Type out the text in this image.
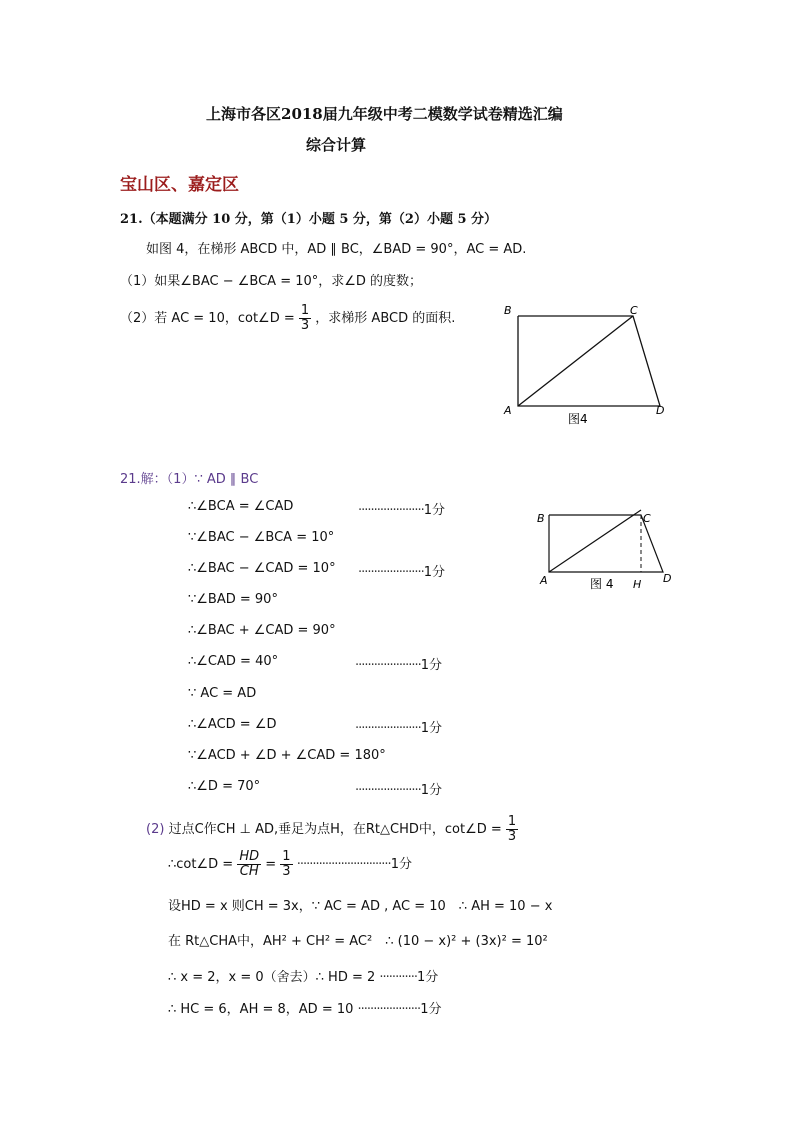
上海市各区2018届九年级中考二模数学试卷精选汇编
综合计算
宝山区、嘉定区
21.（本题满分 10 分，第（1）小题 5 分，第（2）小题 5 分）
如图 4，在梯形 ABCD 中，AD ∥ BC，∠BAD = 90°，AC = AD.
（1）如果∠BAC − ∠BCA = 10°，求∠D 的度数；
（2）若 AC = 10，cot∠D = $\frac{1}{3}$ ，求梯形 ABCD 的面积.
B	C
A	D
图4
21.解：（1）∵ AD ∥ BC
∴∠BCA = ∠CAD	·····················1分
∵∠BAC − ∠BCA = 10°
∴∠BAC − ∠CAD = 10° ·····················1分
∵∠BAD = 90°
∴∠BAC + ∠CAD = 90°
∴∠CAD = 40°	·····················1分
∵ AC = AD
∴∠ACD = ∠D	·····················1分
∵∠ACD + ∠D + ∠CAD = 180°
∴∠D = 70°	·····················1分
B	C
A	H D
图 4
(2) 过点C作CH ⊥ AD,垂足为点H，在Rt△CHD中，cot∠D = $\frac{1}{3}$
∴cot∠D = $\frac{HD}{CH} = \frac{1}{3} \cdot\cdot\cdot\cdot\cdot\cdot\cdot\cdot\cdot\cdot\cdot\cdot\cdot\cdot\cdot\cdot\cdot\cdot\cdot\cdot\cdot\cdot\cdot\cdot\cdot\cdot\cdot\cdot\cdot\cdot 1$分
设HD = x 则CH = 3x，∵ AC = AD , AC = 10　∴ AH = 10 − x
在 Rt△CHA中，AH² + CH² = AC²　∴ (10 − x)² + (3x)² = 10²
∴ x = 2，x = 0（舍去）∴ HD = 2 ············1分
∴ HC = 6，AH = 8，AD = 10 ····················1分
